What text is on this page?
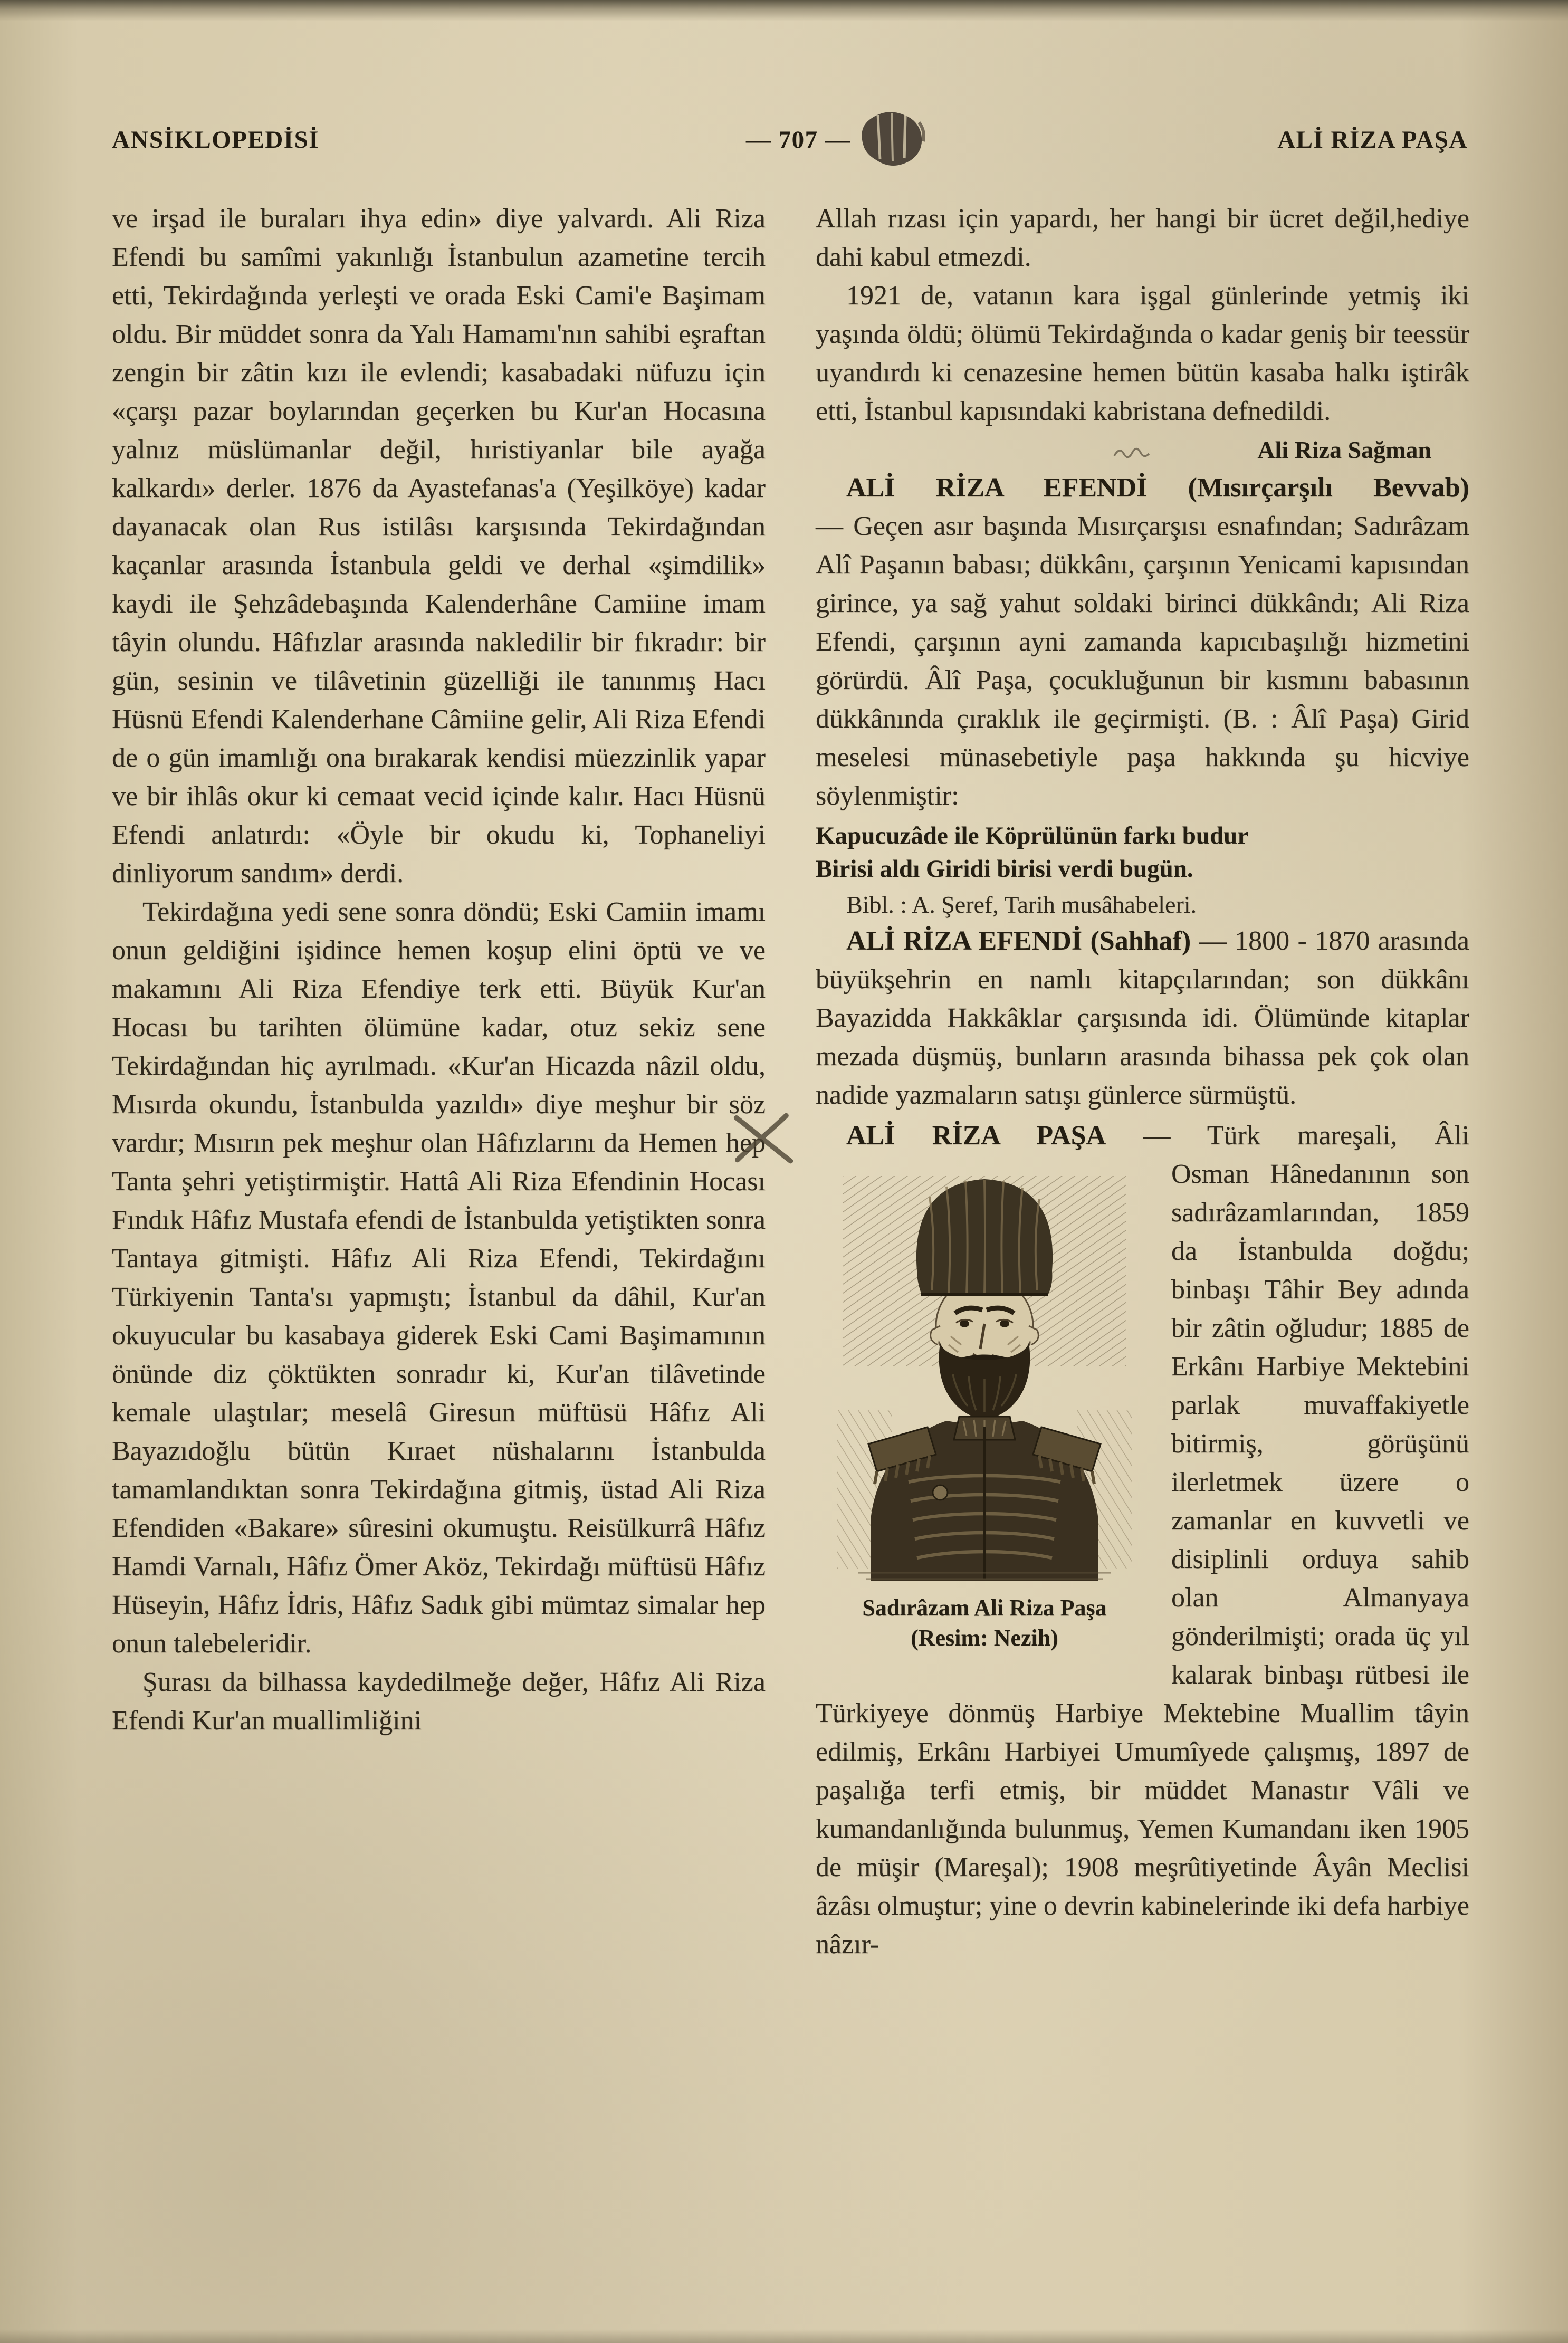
ANSİKLOPEDİSİ	— 707 —	ALİ RİZA PAŞA

ve irşad ile buraları ihya edin» diye yalvardı. Ali Riza Efendi bu samîmi yakınlığı İstanbulun azametine tercih etti, Tekirdağında yerleşti ve orada Eski Cami'e Başimam oldu. Bir müddet sonra da Yalı Hamamı'nın sahibi eşraftan zengin bir zâtin kızı ile evlendi; kasabadaki nüfuzu için «çarşı pazar boylarından geçerken bu Kur'an Hocasına yalnız müslümanlar değil, hıristiyanlar bile ayağa kalkardı» derler. 1876 da Ayastefanas'a (Yeşilköye) kadar dayanacak olan Rus istilâsı karşısında Tekirdağından kaçanlar arasında İstanbula geldi ve derhal «şimdilik» kaydi ile Şehzâdebaşında Kalenderhâne Camiine imam tâyin olundu. Hâfızlar arasında nakledilir bir fıkradır: bir gün, sesinin ve tilâvetinin güzelliği ile tanınmış Hacı Hüsnü Efendi Kalenderhane Câmiine gelir, Ali Riza Efendi de o gün imamlığı ona bırakarak kendisi müezzinlik yapar ve bir ihlâs okur ki cemaat vecid içinde kalır. Hacı Hüsnü Efendi anlatırdı: «Öyle bir okudu ki, Tophaneliyi dinliyorum sandım» derdi.

Tekirdağına yedi sene sonra döndü; Eski Camiin imamı onun geldiğini işidince hemen koşup elini öptü ve ve makamını Ali Riza Efendiye terk etti. Büyük Kur'an Hocası bu tarihten ölümüne kadar, otuz sekiz sene Tekirdağından hiç ayrılmadı. «Kur'an Hicazda nâzil oldu, Mısırda okundu, İstanbulda yazıldı» diye meşhur bir söz vardır; Mısırın pek meşhur olan Hâfızlarını da Hemen hep Tanta şehri yetiştirmiştir. Hattâ Ali Riza Efendinin Hocası Fındık Hâfız Mustafa efendi de İstanbulda yetiştikten sonra Tantaya gitmişti. Hâfız Ali Riza Efendi, Tekirdağını Türkiyenin Tanta'sı yapmıştı; İstanbul da dâhil, Kur'an okuyucular bu kasabaya giderek Eski Cami Başimamının önünde diz çöktükten sonradır ki, Kur'an tilâvetinde kemale ulaştılar; meselâ Giresun müftüsü Hâfız Ali Bayazıdoğlu bütün Kıraet nüshalarını İstanbulda tamamlandıktan sonra Tekirdağına gitmiş, üstad Ali Riza Efendiden «Bakare» sûresini okumuştu. Reisülkurrâ Hâfız Hamdi Varnalı, Hâfız Ömer Aköz, Tekirdağı müftüsü Hâfız Hüseyin, Hâfız İdris, Hâfız Sadık gibi mümtaz simalar hep onun talebeleridir.

Şurası da bilhassa kaydedilmeğe değer, Hâfız Ali Riza Efendi Kur'an muallimliğini

Allah rızası için yapardı, her hangi bir ücret değil,hediye dahi kabul etmezdi.

1921 de, vatanın kara işgal günlerinde yetmiş iki yaşında öldü; ölümü Tekirdağında o kadar geniş bir teessür uyandırdı ki cenazesine hemen bütün kasaba halkı iştirâk etti, İstanbul kapısındaki kabristana defnedildi.

Ali Riza Sağman

ALİ RİZA EFENDİ (Mısırçarşılı Bevvab)

— Geçen asır başında Mısırçarşısı esnafından; Sadırâzam Alî Paşanın babası; dükkânı, çarşının Yenicami kapısından girince, ya sağ yahut soldaki birinci dükkândı; Ali Riza Efendi, çarşının ayni zamanda kapıcıbaşılığı hizmetini görürdü. Âlî Paşa, çocukluğunun bir kısmını babasının dükkânında çıraklık ile geçirmişti. (B. : Âlî Paşa) Girid meselesi münasebetiyle paşa hakkında şu hicviye söylenmiştir:

Kapucuzâde ile Köprülünün farkı budur
Birisi aldı Giridi birisi verdi bugün.

Bibl. : A. Şeref, Tarih musâhabeleri.

ALİ RİZA EFENDİ (Sahhaf) — 1800 - 1870 arasında büyükşehrin en namlı kitapçılarından; son dükkânı Bayazidda Hakkâklar çarşısında idi. Ölümünde kitaplar mezada düşmüş, bunların arasında bihassa pek çok olan nadide yazmaların satışı günlerce sürmüştü.

ALİ RİZA PAŞA — Türk mareşali, Âli

Sadırâzam Ali Riza Paşa
(Resim: Nezih)

Osman Hânedanının son sadırâzamlarından, 1859 da İstanbulda doğdu; binbaşı Tâhir Bey adında bir zâtin oğludur; 1885 de Erkânı Harbiye Mektebini parlak muvaffakiyetle bitirmiş, görüşünü ilerletmek üzere o zamanlar en kuvvetli ve disiplinli orduya sahib olan Almanyaya gönderilmişti; orada üç yıl kalarak binbaşı rütbesi ile Türkiyeye dönmüş Harbiye Mektebine Muallim tâyin edilmiş, Erkânı Harbiyei Umumîyede çalışmış, 1897 de paşalığa terfi etmiş, bir müddet Manastır Vâli ve kumandanlığında bulunmuş, Yemen Kumandanı iken 1905 de müşir (Mareşal); 1908 meşrûtiyetinde Âyân Meclisi âzâsı olmuştur; yine o devrin kabinelerinde iki defa harbiye nâzır-
